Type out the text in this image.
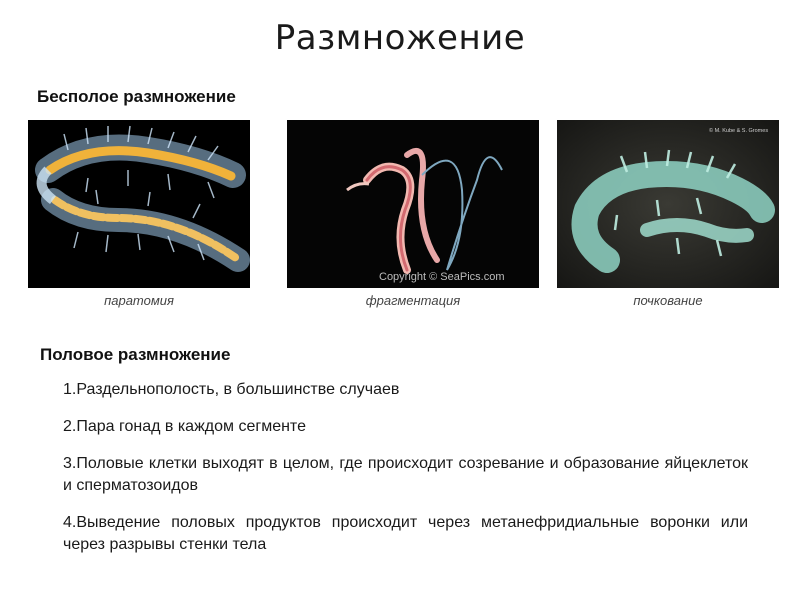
Размножение
Бесполое размножение
Copyright © SeaPics.com
© M. Kube & S. Gromes
паратомия	фрагментация	почкование
Половое размножение
1.Раздельнополость, в большинстве случаев
2.Пара гонад в каждом сегменте
3.Половые клетки выходят в целом, где происходит созревание и образование яйцеклеток и сперматозоидов
4.Выведение половых продуктов происходит через метанефридиальные воронки или через разрывы стенки тела
